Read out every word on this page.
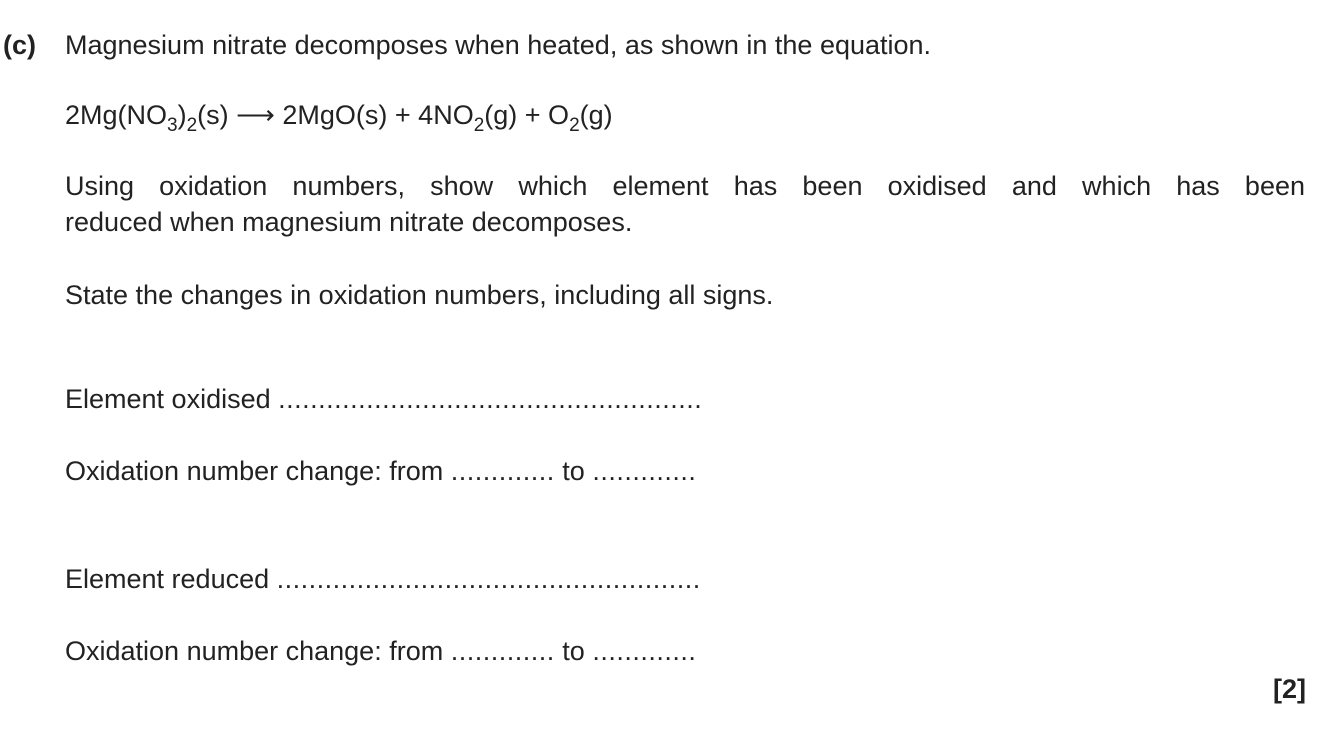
(c) Magnesium nitrate decomposes when heated, as shown in the equation.
$2Mg(NO_3)_2(s)$ ⟶ $2MgO(s) + 4NO_2(g) + O_2(g)$
Using oxidation numbers, show which element has been oxidised and which has been
reduced when magnesium nitrate decomposes.
State the changes in oxidation numbers, including all signs.
Element oxidised .....................................................
Oxidation number change: from ............. to .............
Element reduced .....................................................
Oxidation number change: from ............. to .............
[2]
